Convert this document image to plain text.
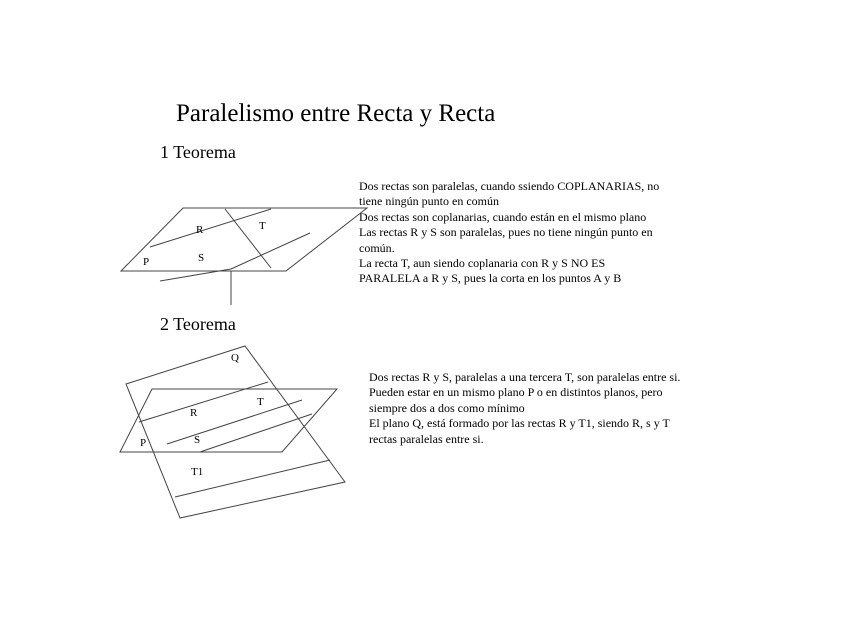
Paralelismo entre Recta y Recta
1 Teorema
2 Teorema
Dos rectas son paralelas, cuando ssiendo COPLANARIAS, no
tiene ningún punto en común
Dos rectas son coplanarias, cuando están en el mismo plano
Las rectas R y S son paralelas, pues no tiene ningún punto en
común.
La recta T, aun siendo coplanaria con R y S NO ES
PARALELA a R y S, pues la corta en los puntos A y B
Dos rectas R y S, paralelas a una tercera T, son paralelas entre si.
Pueden estar en un mismo plano P o en distintos planos, pero
siempre dos a dos como mínimo
El plano Q, está formado por las rectas R y T1, siendo R, s y T
rectas paralelas entre si.
R	T
S
P
Q
R
T
P	S
T1
